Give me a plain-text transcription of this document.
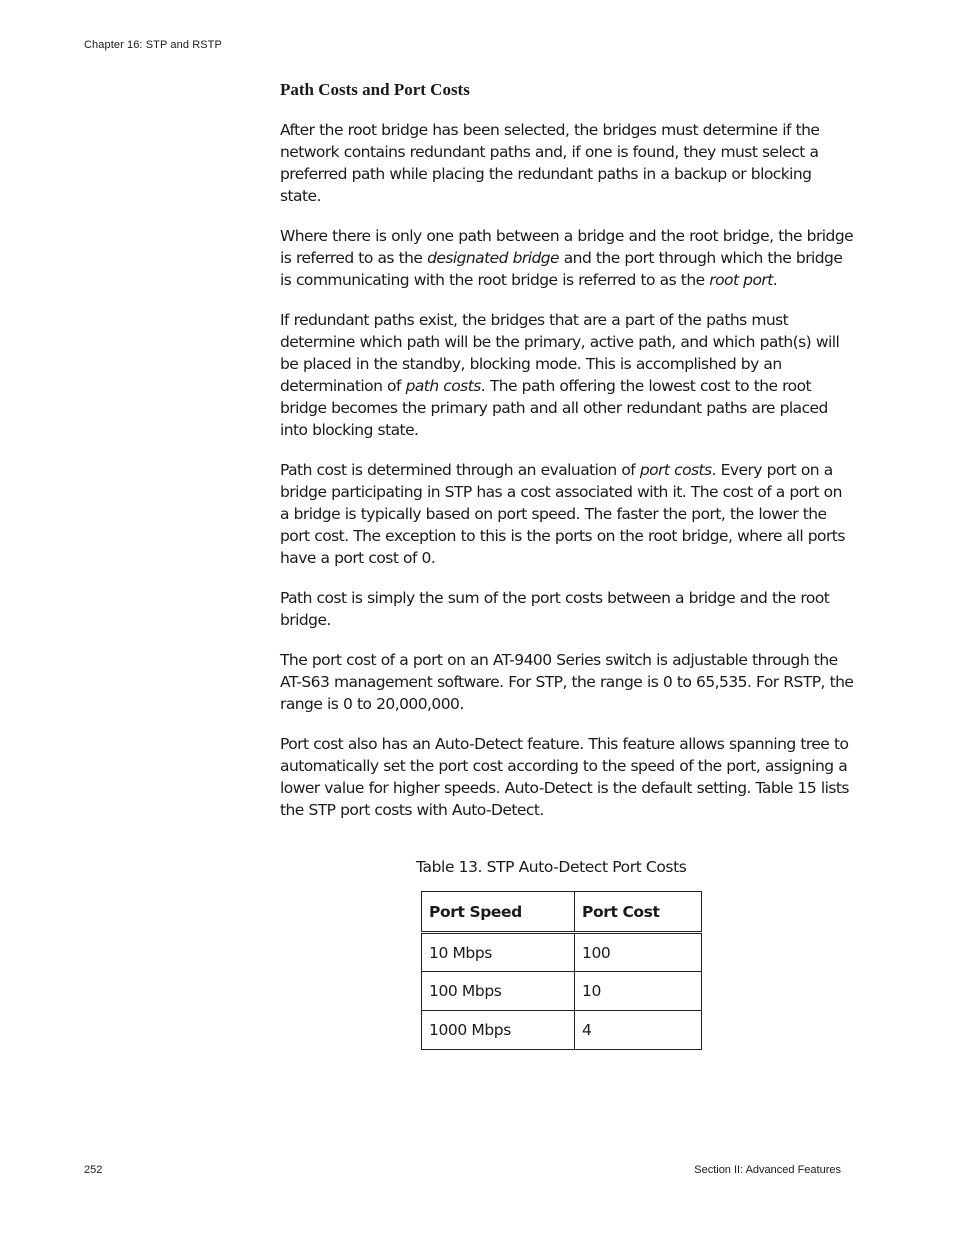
Chapter 16: STP and RSTP
Path Costs and Port Costs

After the root bridge has been selected, the bridges must determine if the network contains redundant paths and, if one is found, they must select a preferred path while placing the redundant paths in a backup or blocking state.

Where there is only one path between a bridge and the root bridge, the bridge is referred to as the designated bridge and the port through which the bridge is communicating with the root bridge is referred to as the root port.

If redundant paths exist, the bridges that are a part of the paths must determine which path will be the primary, active path, and which path(s) will be placed in the standby, blocking mode. This is accomplished by an determination of path costs. The path offering the lowest cost to the root bridge becomes the primary path and all other redundant paths are placed into blocking state.

Path cost is determined through an evaluation of port costs. Every port on a bridge participating in STP has a cost associated with it. The cost of a port on a bridge is typically based on port speed. The faster the port, the lower the port cost. The exception to this is the ports on the root bridge, where all ports have a port cost of 0.

Path cost is simply the sum of the port costs between a bridge and the root bridge.

The port cost of a port on an AT-9400 Series switch is adjustable through the AT-S63 management software. For STP, the range is 0 to 65,535. For RSTP, the range is 0 to 20,000,000.

Port cost also has an Auto-Detect feature. This feature allows spanning tree to automatically set the port cost according to the speed of the port, assigning a lower value for higher speeds. Auto-Detect is the default setting. Table 15 lists the STP port costs with Auto-Detect.

Table 13. STP Auto-Detect Port Costs
Port Speed	Port Cost
10 Mbps	100
100 Mbps	10
1000 Mbps	4
252	Section II: Advanced Features
